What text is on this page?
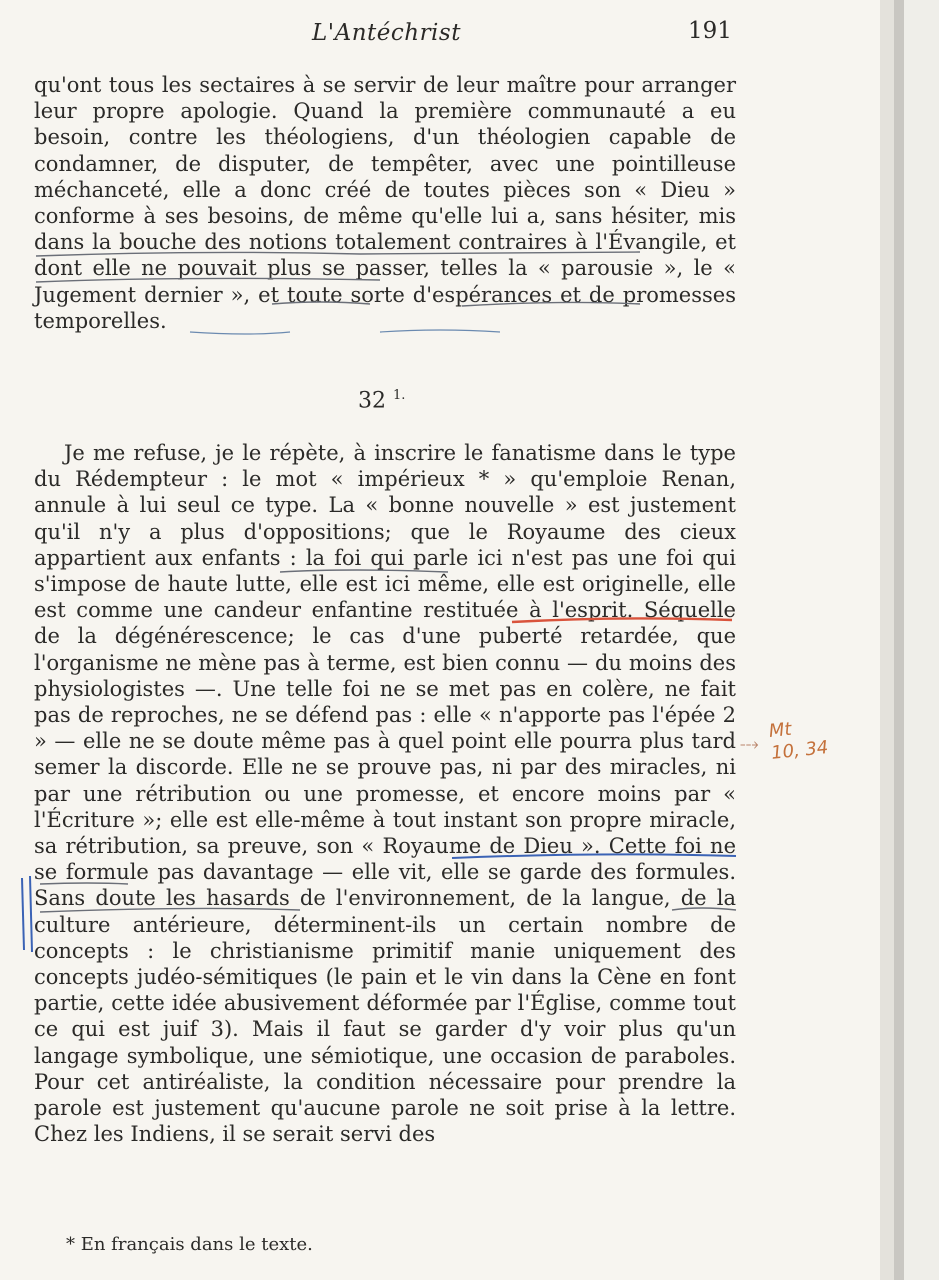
L'Antéchrist	191
qu'ont tous les sectaires à se servir de leur maître pour arranger leur propre apologie. Quand la première communauté a eu besoin, contre les théologiens, d'un théologien capable de condamner, de disputer, de tempêter, avec une pointilleuse méchanceté, elle a donc créé de toutes pièces son « Dieu » conforme à ses besoins, de même qu'elle lui a, sans hésiter, mis dans la bouche des notions totalement contraires à l'Évangile, et dont elle ne pouvait plus se passer, telles la « parousie », le « Jugement dernier », et toute sorte d'espérances et de promesses temporelles.
32 $^{1.}$
Je me refuse, je le répète, à inscrire le fanatisme dans le type du Rédempteur : le mot « impérieux * » qu'emploie Renan, annule à lui seul ce type. La « bonne nouvelle » est justement qu'il n'y a plus d'oppositions; que le Royaume des cieux appartient aux enfants : la foi qui parle ici n'est pas une foi qui s'impose de haute lutte, elle est ici même, elle est originelle, elle est comme une candeur enfantine restituée à l'esprit. Séquelle de la dégénérescence; le cas d'une puberté retardée, que l'organisme ne mène pas à terme, est bien connu — du moins des physiologistes —. Une telle foi ne se met pas en colère, ne fait pas de reproches, ne se défend pas : elle « n'apporte pas l'épée 2 » — elle ne se doute même pas à quel point elle pourra plus tard semer la discorde. Elle ne se prouve pas, ni par des miracles, ni par une rétribution ou une promesse, et encore moins par « l'Écriture »; elle est elle-même à tout instant son propre miracle, sa rétribution, sa preuve, son « Royaume de Dieu ». Cette foi ne se formule pas davantage — elle vit, elle se garde des formules. Sans doute les hasards de l'environnement, de la langue, de la culture antérieure, déterminent-ils un certain nombre de concepts : le christianisme primitif manie uniquement des concepts judéo-sémitiques (le pain et le vin dans la Cène en font partie, cette idée abusivement déformée par l'Église, comme tout ce qui est juif 3). Mais il faut se garder d'y voir plus qu'un langage symbolique, une sémiotique, une occasion de paraboles. Pour cet antiréaliste, la condition nécessaire pour prendre la parole est justement qu'aucune parole ne soit prise à la lettre. Chez les Indiens, il se serait servi des
* En français dans le texte.
⤏
Mt
10, 34
